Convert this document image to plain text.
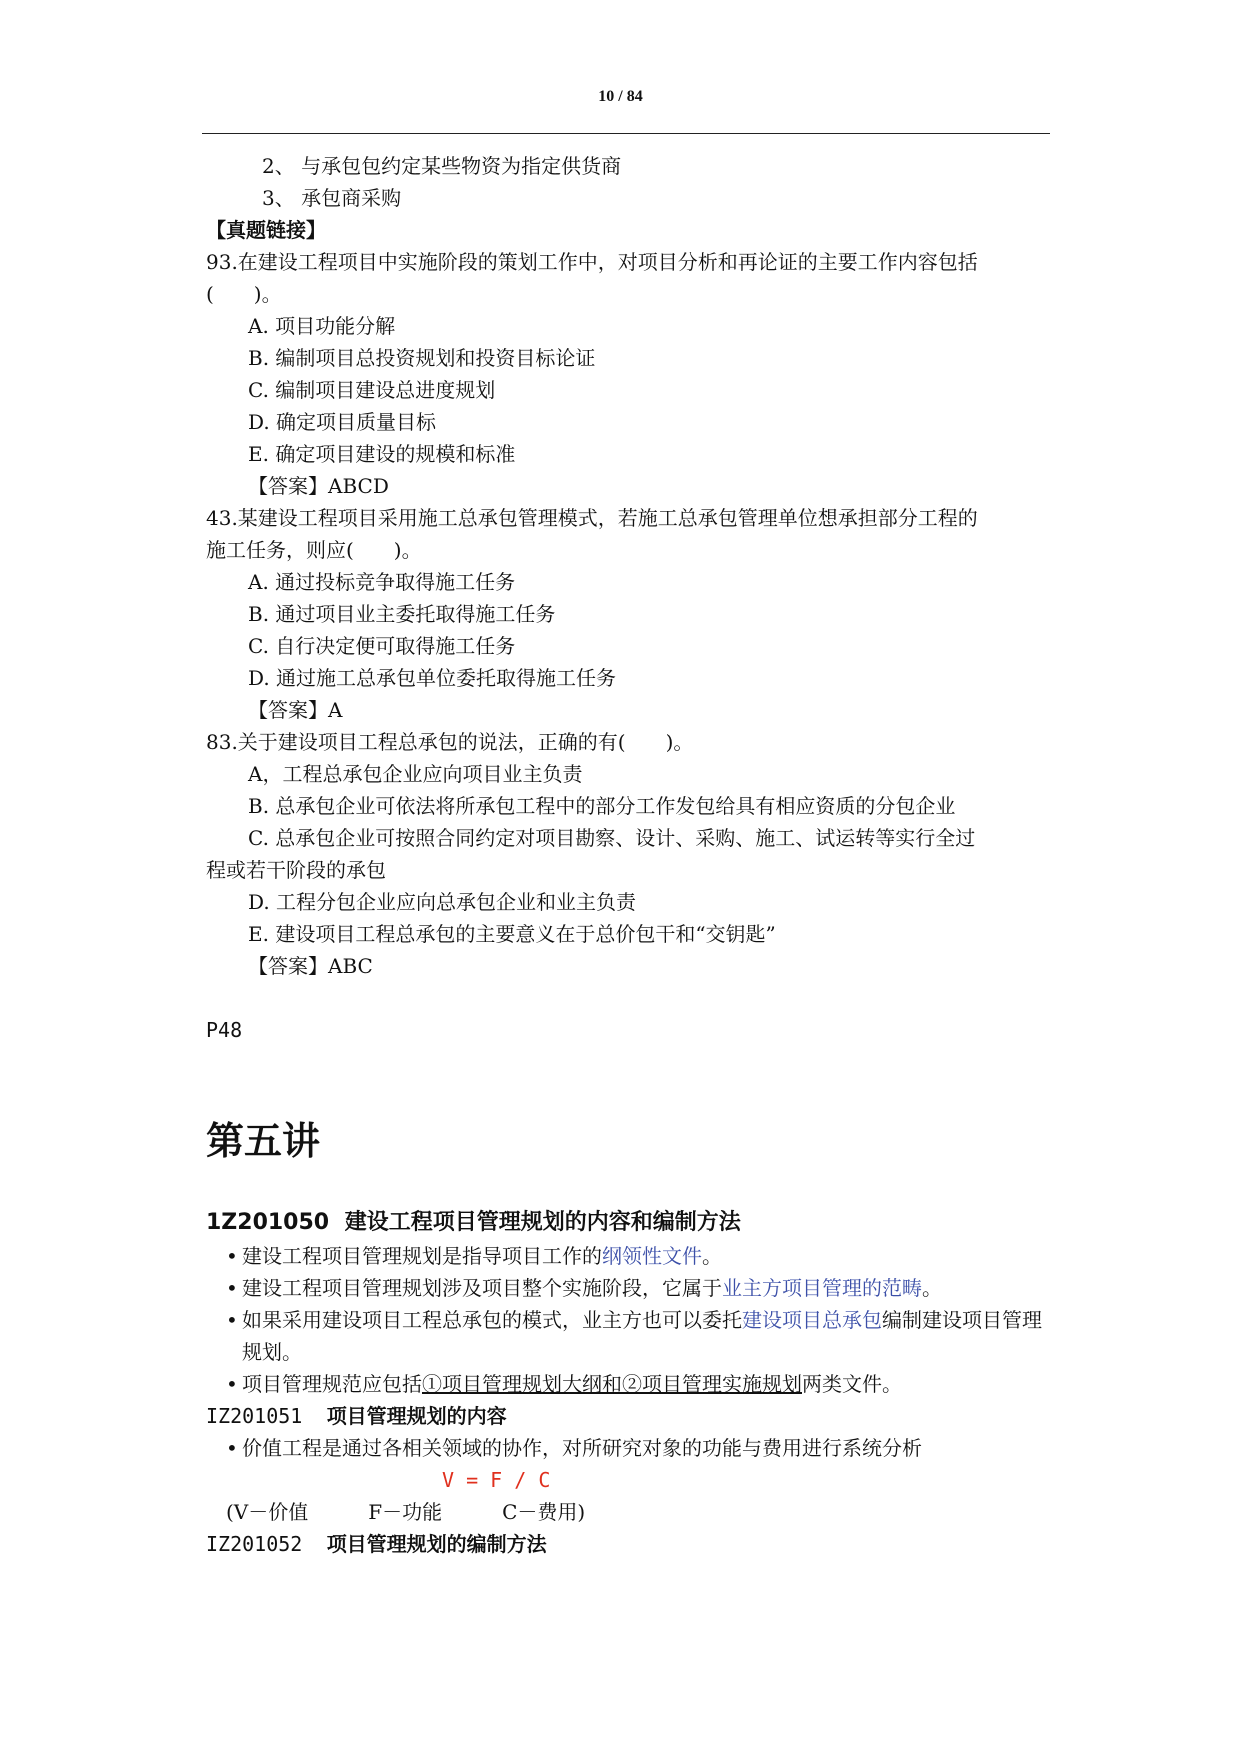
10 / 84
2、 与承包包约定某些物资为指定供货商
3、 承包商采购
【真题链接】
93.在建设工程项目中实施阶段的策划工作中，对项目分析和再论证的主要工作内容包括
(　　)。
A. 项目功能分解
B. 编制项目总投资规划和投资目标论证
C. 编制项目建设总进度规划
D. 确定项目质量目标
E. 确定项目建设的规模和标准
【答案】ABCD
43.某建设工程项目采用施工总承包管理模式，若施工总承包管理单位想承担部分工程的
施工任务，则应(　　)。
A. 通过投标竞争取得施工任务
B. 通过项目业主委托取得施工任务
C. 自行决定便可取得施工任务
D. 通过施工总承包单位委托取得施工任务
【答案】A
83.关于建设项目工程总承包的说法，正确的有(　　)。
A，工程总承包企业应向项目业主负责
B. 总承包企业可依法将所承包工程中的部分工作发包给具有相应资质的分包企业
C. 总承包企业可按照合同约定对项目勘察、设计、采购、施工、试运转等实行全过
程或若干阶段的承包
D. 工程分包企业应向总承包企业和业主负责
E. 建设项目工程总承包的主要意义在于总价包干和“交钥匙”
【答案】ABC
P48
第五讲
1Z201050 建设工程项目管理规划的内容和编制方法
• 建设工程项目管理规划是指导项目工作的纲领性文件。
• 建设工程项目管理规划涉及项目整个实施阶段，它属于业主方项目管理的范畴。
• 如果采用建设项目工程总承包的模式，业主方也可以委托建设项目总承包编制建设项目管理规划。
• 项目管理规范应包括①项目管理规划大纲和②项目管理实施规划两类文件。
IZ201051 项目管理规划的内容
• 价值工程是通过各相关领域的协作，对所研究对象的功能与费用进行系统分析
V = F / C
(V－价值　　　F－功能　　　C－费用)
IZ201052 项目管理规划的编制方法
